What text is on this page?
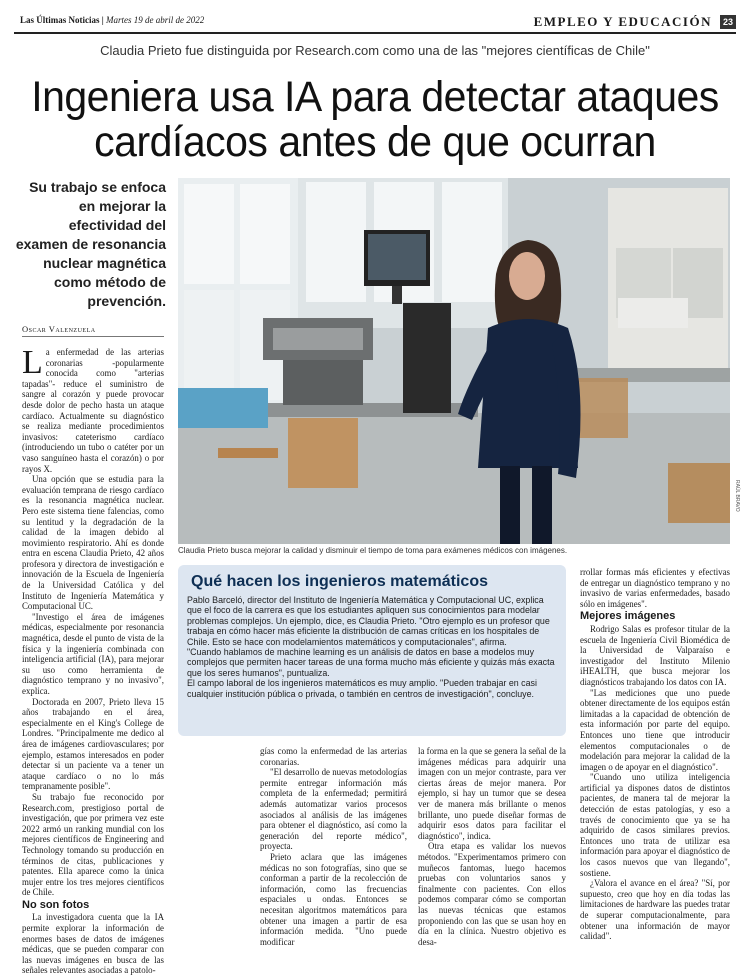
Las Últimas Noticias | Martes 19 de abril de 2022	EMPLEO Y EDUCACIÓN	23
Claudia Prieto fue distinguida por Research.com como una de las "mejores científicas de Chile"
Ingeniera usa IA para detectar ataques cardíacos antes de que ocurran
Su trabajo se enfoca en mejorar la efectividad del examen de resonancia nuclear magnética como método de prevención.
Oscar Valenzuela

La enfermedad de las arterias coronarias -popularmente conocida como "arterias tapadas"- reduce el suministro de sangre al corazón y puede provocar desde dolor de pecho hasta un ataque cardíaco. Actualmente su diagnóstico se realiza mediante procedimientos invasivos: cateterismo cardíaco (introduciendo un tubo o catéter por un vaso sanguíneo hasta el corazón) o por rayos X.

Una opción que se estudia para la evaluación temprana de riesgo cardíaco es la resonancia magnética nuclear. Pero este sistema tiene falencias, como su lentitud y la degradación de la calidad de la imagen debido al movimiento respiratorio. Ahí es donde entra en escena Claudia Prieto, 42 años profesora y directora de investigación e innovación de la Escuela de Ingeniería de la Universidad Católica y del Instituto de Ingeniería Matemática y Computacional UC.

"Investigo el área de imágenes médicas, especialmente por resonancia magnética, desde el punto de vista de la física y la ingeniería combinada con inteligencia artificial (IA), para mejorar su uso como herramienta de diagnóstico temprano y no invasivo", explica.

Doctorada en 2007, Prieto lleva 15 años trabajando en el área, especialmente en el King's College de Londres. "Principalmente me dedico al área de imágenes cardiovasculares; por ejemplo, estamos interesados en poder detectar si un paciente va a tener un ataque cardíaco o no lo más tempranamente posible".

Su trabajo fue reconocido por Research.com, prestigioso portal de investigación, que por primera vez este 2022 armó un ranking mundial con los mejores científicos de Engineering and Technology tomando su producción en términos de citas, publicaciones y patentes. Ella aparece como la única mujer entre los tres mejores científicos de Chile.

No son fotos

La investigadora cuenta que la IA permite explorar la información de enormes bases de datos de imágenes médicas, que se pueden comparar con las nuevas imágenes en busca de las señales relevantes asociadas a patolo-

Claudia Prieto busca mejorar la calidad y disminuir el tiempo de toma para exámenes médicos con imágenes.
RAÚL BRAVO
Qué hacen los ingenieros matemáticos

Pablo Barceló, director del Instituto de Ingeniería Matemática y Computacional UC, explica que el foco de la carrera es que los estudiantes apliquen sus conocimientos para modelar problemas complejos. Un ejemplo, dice, es Claudia Prieto. "Otro ejemplo es un profesor que trabaja en cómo hacer más eficiente la distribución de camas críticas en los hospitales de Chile. Esto se hace con modelamientos matemáticos y computacionales", afirma.

"Cuando hablamos de machine learning es un análisis de datos en base a modelos muy complejos que permiten hacer tareas de una forma mucho más eficiente y quizás más exacta que los seres humanos", puntualiza.

El campo laboral de los ingenieros matemáticos es muy amplio. "Pueden trabajar en casi cualquier institución pública o privada, o también en centros de investigación", concluye.

gías como la enfermedad de las arterias coronarias.

"El desarrollo de nuevas metodologías permite entregar información más completa de la enfermedad; permitirá además automatizar varios procesos asociados al análisis de las imágenes para obtener el diagnóstico, así como la generación del reporte médico", proyecta.

Prieto aclara que las imágenes médicas no son fotografías, sino que se conforman a partir de la recolección de información, como las frecuencias espaciales u ondas. Entonces se necesitan algoritmos matemáticos para obtener una imagen a partir de esa información medida. "Uno puede modificar

la forma en la que se genera la señal de la imágenes médicas para adquirir una imagen con un mejor contraste, para ver ciertas áreas de mejor manera. Por ejemplo, si hay un tumor que se desea ver de manera más brillante o menos brillante, uno puede diseñar formas de adquirir esos datos para facilitar el diagnóstico", indica.

Otra etapa es validar los nuevos métodos. "Experimentamos primero con muñecos fantomas, luego hacemos pruebas con voluntarios sanos y finalmente con pacientes. Con ellos podemos comparar cómo se comportan las nuevas técnicas que estamos proponiendo con las que se usan hoy en día en la clínica. Nuestro objetivo es desa-

rrollar formas más eficientes y efectivas de entregar un diagnóstico temprano y no invasivo de varias enfermedades, basado sólo en imágenes".

Mejores imágenes

Rodrigo Salas es profesor titular de la escuela de Ingeniería Civil Biomédica de la Universidad de Valparaíso e investigador del Instituto Milenio iHEALTH, que busca mejorar los diagnósticos trabajando los datos con IA.

"Las mediciones que uno puede obtener directamente de los equipos están limitadas a la capacidad de obtención de esta información por parte del equipo. Entonces uno tiene que introducir elementos computacionales o de modelación para mejorar la calidad de la imagen o de apoyar en el diagnóstico".

"Cuando uno utiliza inteligencia artificial ya dispones datos de distintos pacientes, de manera tal de mejorar la detección de estas patologías, y eso a través de conocimiento que ya se ha adquirido de casos similares previos. Entonces uno trata de utilizar esa información para apoyar el diagnóstico de los casos nuevos que van llegando", sostiene.

¿Valora el avance en el área? "Sí, por supuesto, creo que hoy en día todas las limitaciones de hardware las puedes tratar de superar computacionalmente, para obtener una información de mayor calidad".
